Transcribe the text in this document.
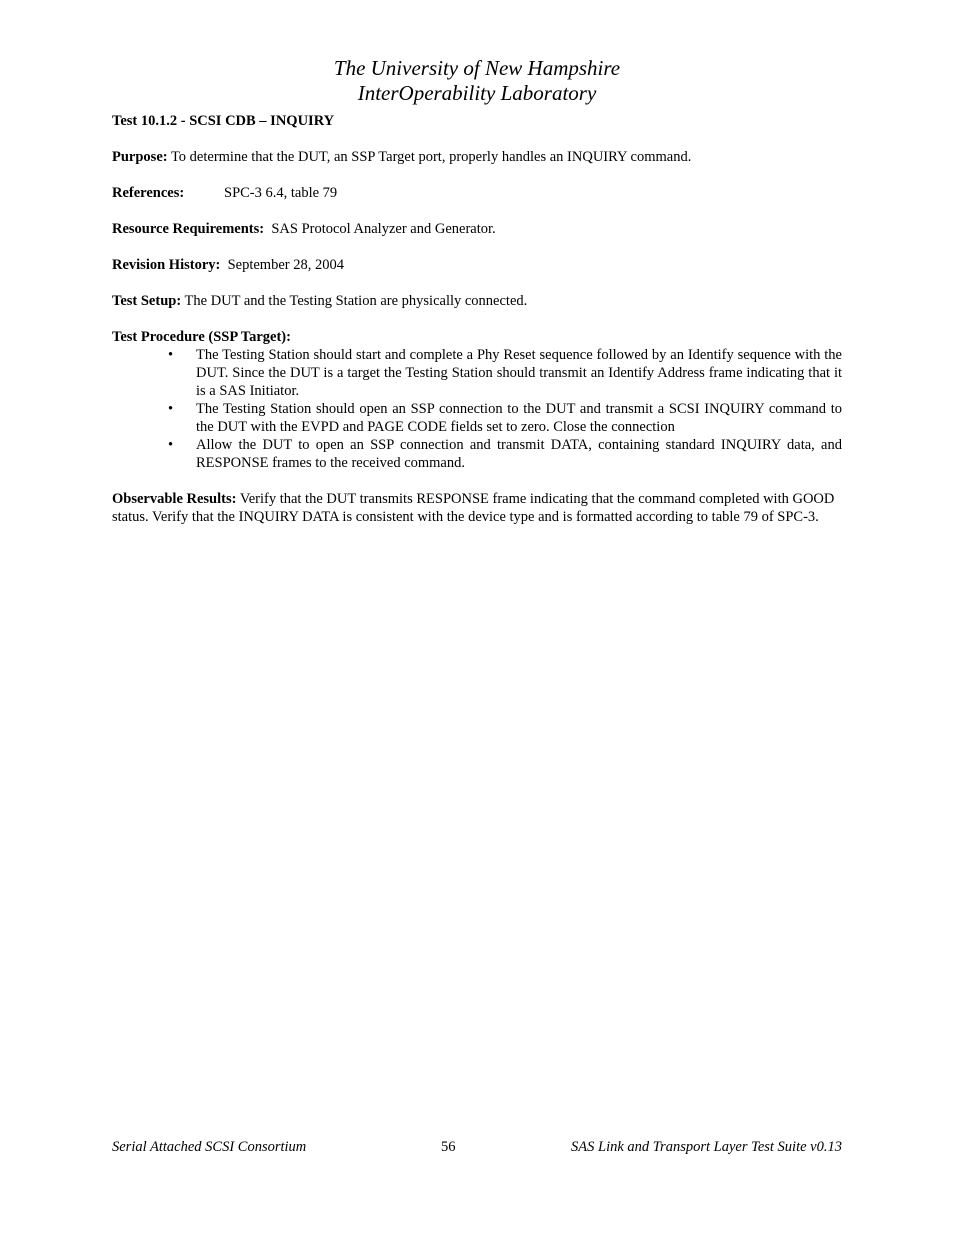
The University of New Hampshire
InterOperability Laboratory

Test 10.1.2 - SCSI CDB – INQUIRY

Purpose: To determine that the DUT, an SSP Target port, properly handles an INQUIRY command.

References:	SPC-3 6.4, table 79

Resource Requirements:  SAS Protocol Analyzer and Generator.

Revision History:  September 28, 2004

Test Setup: The DUT and the Testing Station are physically connected.

Test Procedure (SSP Target):

• The Testing Station should start and complete a Phy Reset sequence followed by an Identify sequence with the DUT. Since the DUT is a target the Testing Station should transmit an Identify Address frame indicating that it is a SAS Initiator.
• The Testing Station should open an SSP connection to the DUT and transmit a SCSI INQUIRY command to the DUT with the EVPD and PAGE CODE fields set to zero. Close the connection
• Allow the DUT to open an SSP connection and transmit DATA, containing standard INQUIRY data, and RESPONSE frames to the received command.

Observable Results: Verify that the DUT transmits RESPONSE frame indicating that the command completed with GOOD status. Verify that the INQUIRY DATA is consistent with the device type and is formatted according to table 79 of SPC-3.

Serial Attached SCSI Consortium	56	SAS Link and Transport Layer Test Suite v0.13
